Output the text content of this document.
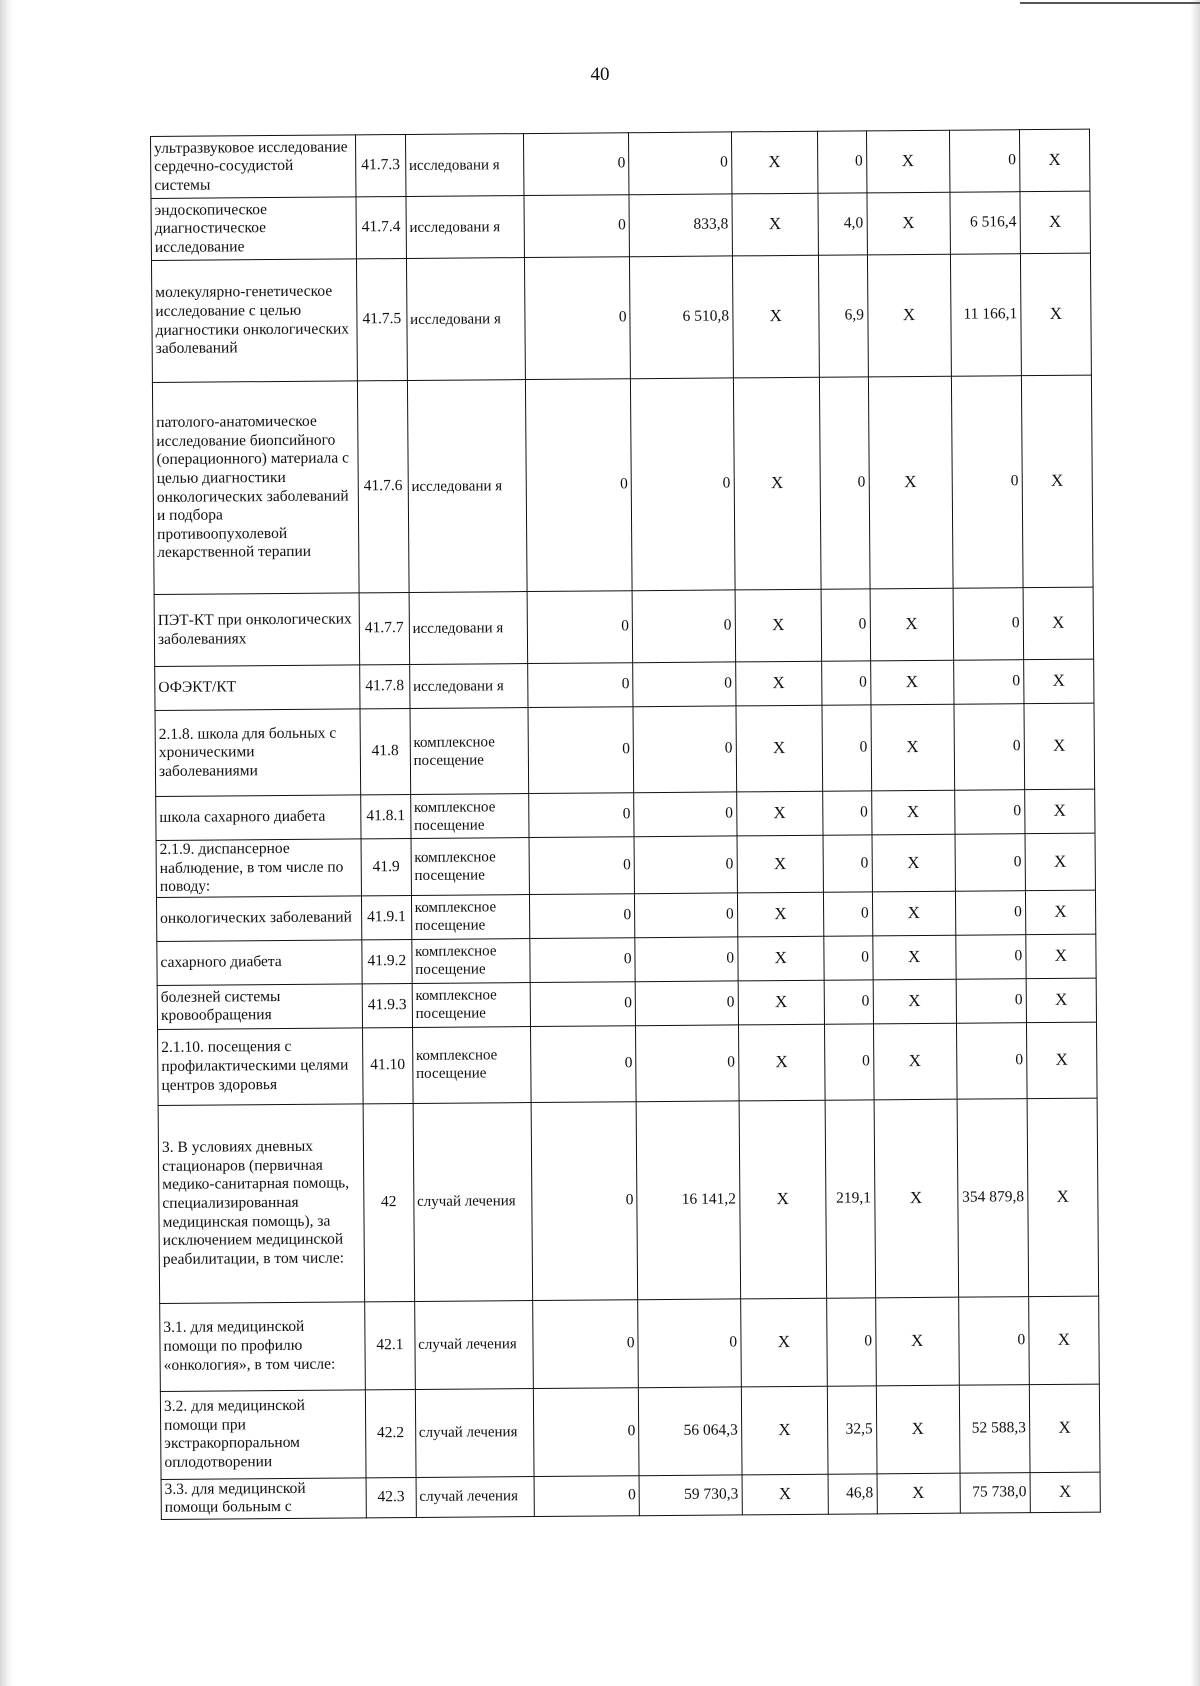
40
ультразвуковое исследование сердечно-сосудистой системы	41.7.3	исследовани я	0	0	Х	0	Х	0	Х
эндоскопическое диагностическое исследование	41.7.4	исследовани я	0	833,8	Х	4,0	Х	6 516,4	Х
молекулярно-генетическое исследование с целью диагностики онкологических заболеваний	41.7.5	исследовани я	0	6 510,8	Х	6,9	Х	11 166,1	Х
патолого-анатомическое исследование биопсийного (операционного) материала с целью диагностики онкологических заболеваний и подбора противоопухолевой лекарственной терапии	41.7.6	исследовани я	0	0	Х	0	Х	0	Х
ПЭТ-КТ при онкологических заболеваниях	41.7.7	исследовани я	0	0	Х	0	Х	0	Х
ОФЭКТ/КТ	41.7.8	исследовани я	0	0	Х	0	Х	0	Х
2.1.8. школа для больных с хроническими заболеваниями	41.8	комплексное посещение	0	0	Х	0	Х	0	Х
школа сахарного диабета	41.8.1	комплексное посещение	0	0	Х	0	Х	0	Х
2.1.9. диспансерное наблюдение, в том числе по поводу:	41.9	комплексное посещение	0	0	Х	0	Х	0	Х
онкологических заболеваний	41.9.1	комплексное посещение	0	0	Х	0	Х	0	Х
сахарного диабета	41.9.2	комплексное посещение	0	0	Х	0	Х	0	Х
болезней системы кровообращения	41.9.3	комплексное посещение	0	0	Х	0	Х	0	Х
2.1.10. посещения с профилактическими целями центров здоровья	41.10	комплексное посещение	0	0	Х	0	Х	0	Х
3. В условиях дневных стационаров (первичная медико-санитарная помощь, специализированная медицинская помощь), за исключением медицинской реабилитации, в том числе:	42	случай лечения	0	16 141,2	Х	219,1	Х	354 879,8	Х
3.1. для медицинской помощи по профилю «онкология», в том числе:	42.1	случай лечения	0	0	Х	0	Х	0	Х
3.2. для медицинской помощи при экстракорпоральном оплодотворении	42.2	случай лечения	0	56 064,3	Х	32,5	Х	52 588,3	Х
3.3. для медицинской помощи больным с	42.3	случай лечения	0	59 730,3	Х	46,8	Х	75 738,0	Х
